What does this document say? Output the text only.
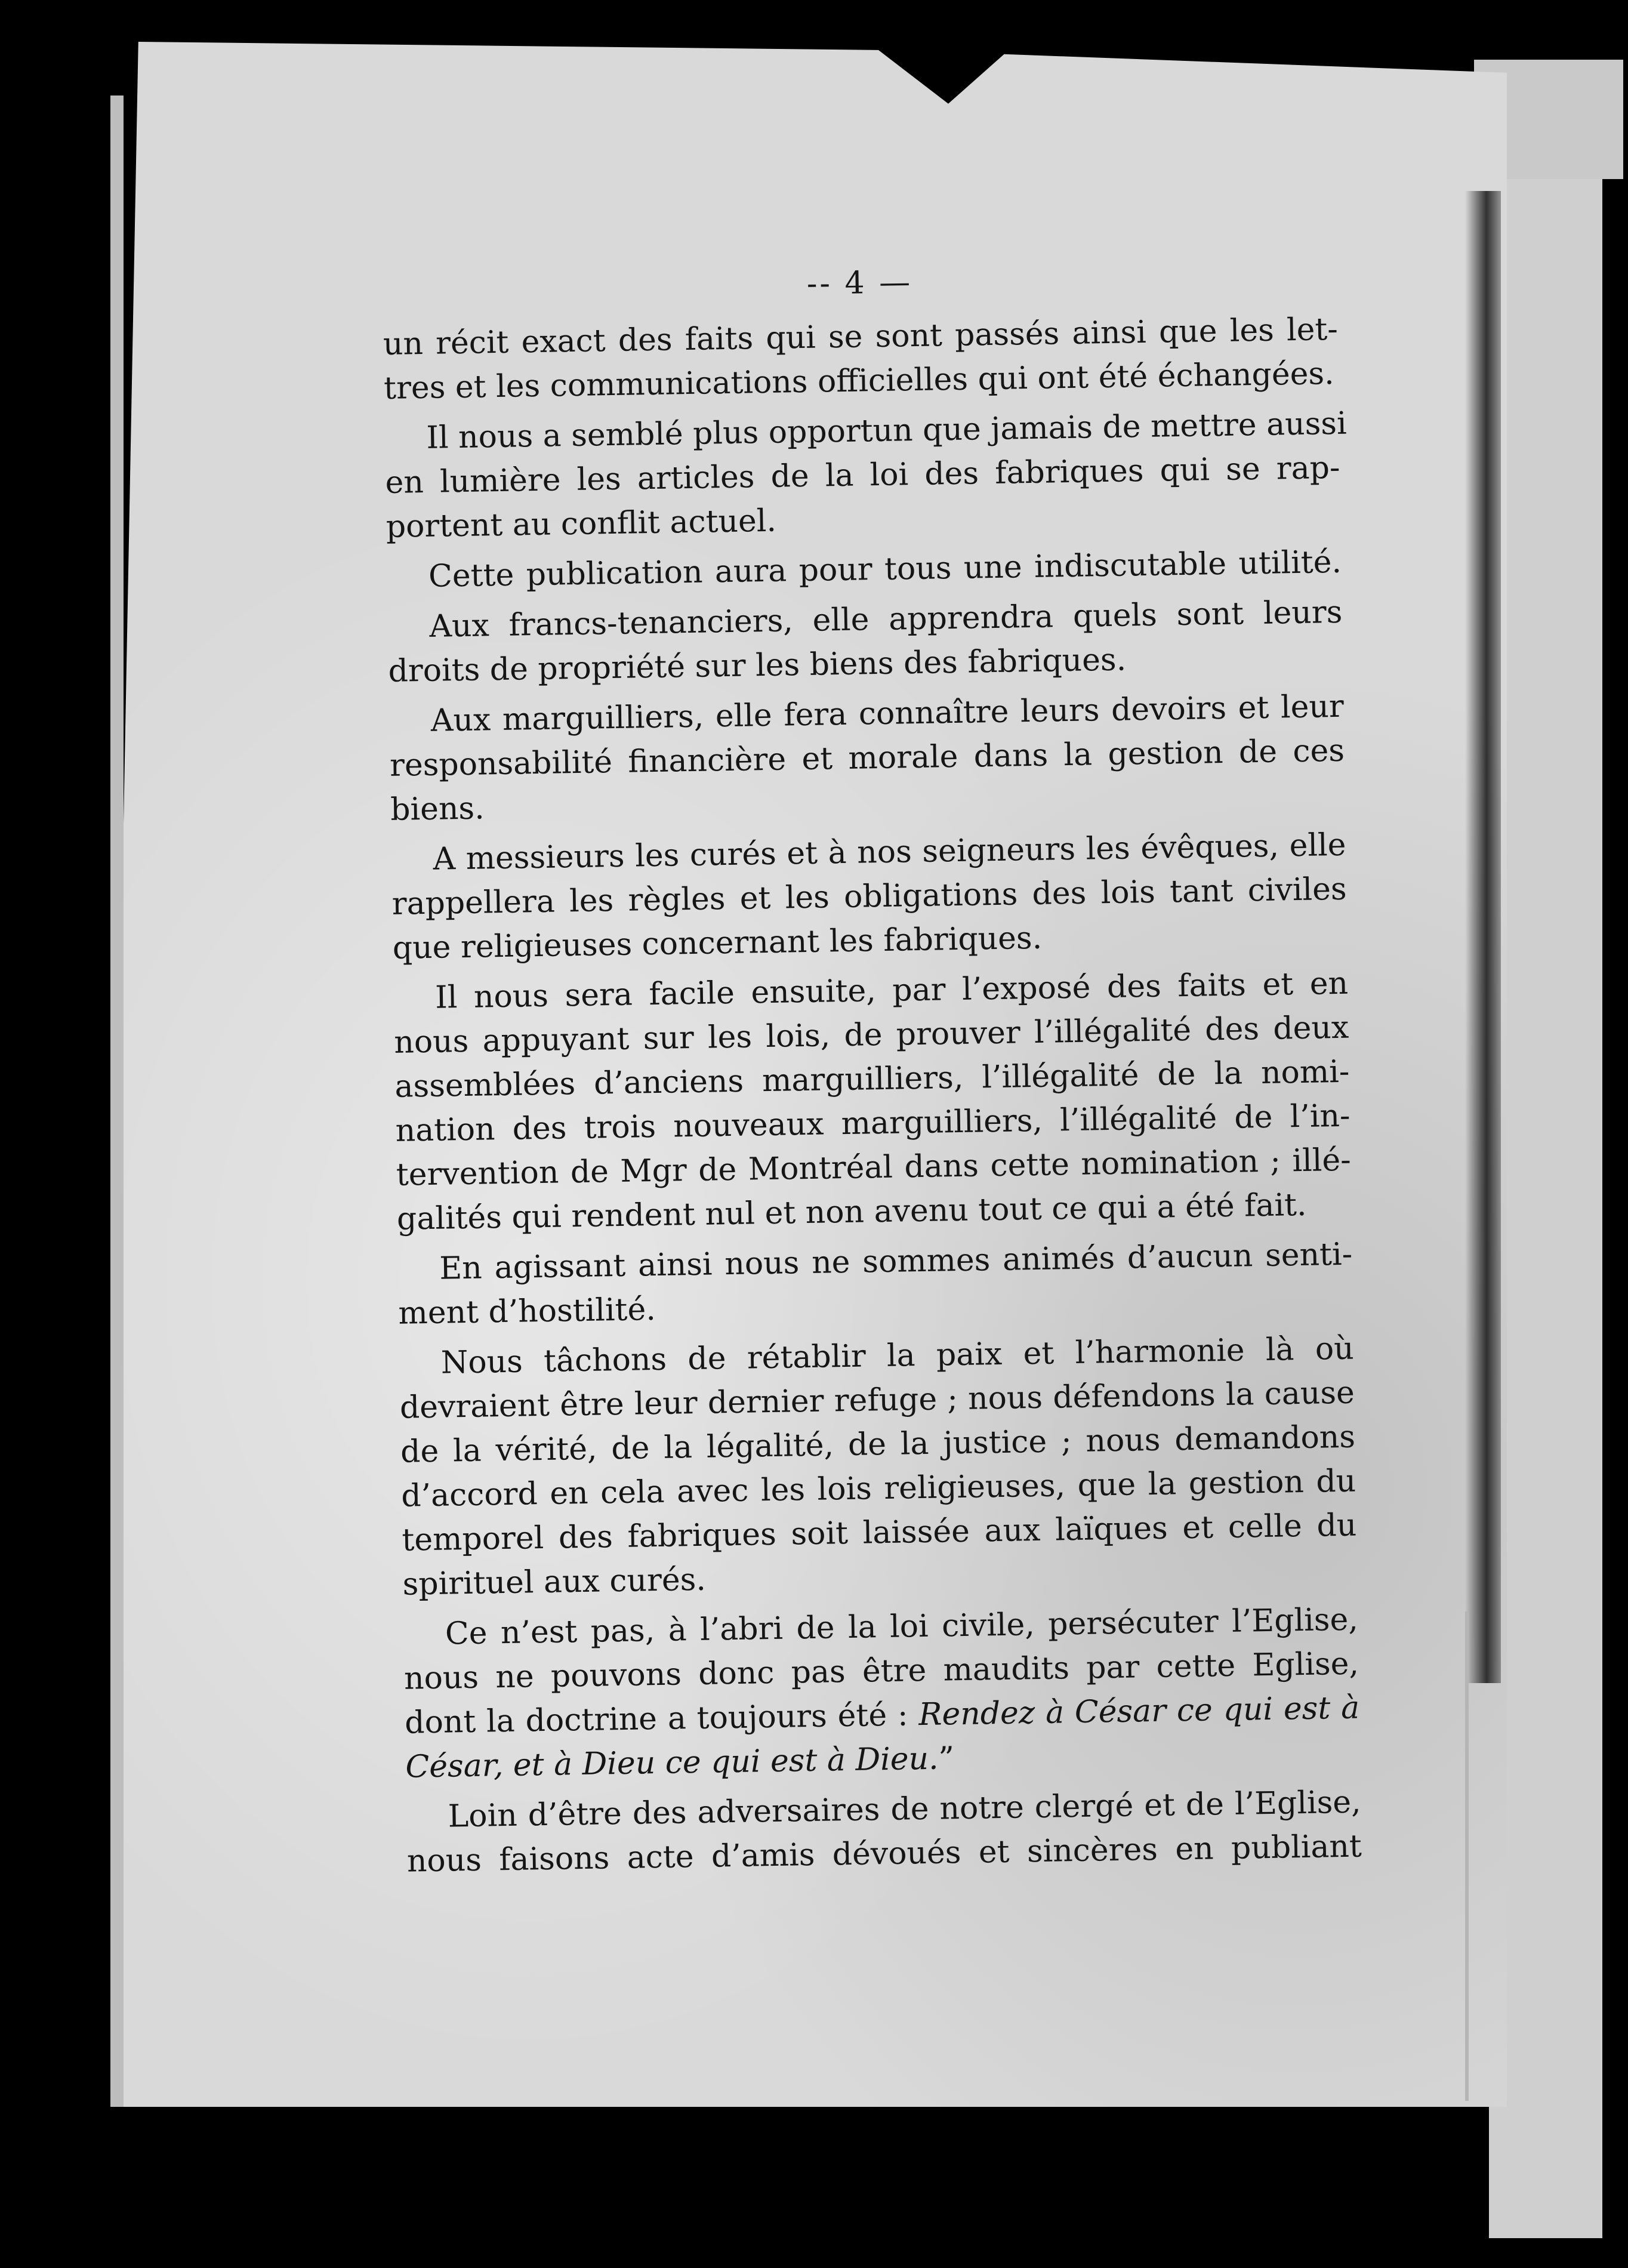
-- 4 —
un récit exact des faits qui se sont passés ainsi que les let-
tres et les communications officielles qui ont été échangées.
Il nous a semblé plus opportun que jamais de mettre aussi
en lumière les articles de la loi des fabriques qui se rap-
portent au conflit actuel.
Cette publication aura pour tous une indiscutable utilité.
Aux francs-tenanciers, elle apprendra quels sont leurs
droits de propriété sur les biens des fabriques.
Aux marguilliers, elle fera connaître leurs devoirs et leur
responsabilité financière et morale dans la gestion de ces
biens.
A messieurs les curés et à nos seigneurs les évêques, elle
rappellera les règles et les obligations des lois tant civiles
que religieuses concernant les fabriques.
Il nous sera facile ensuite, par l’exposé des faits et en
nous appuyant sur les lois, de prouver l’illégalité des deux
assemblées d’anciens marguilliers, l’illégalité de la nomi-
nation des trois nouveaux marguilliers, l’illégalité de l’in-
tervention de Mgr de Montréal dans cette nomination ; illé-
galités qui rendent nul et non avenu tout ce qui a été fait.
En agissant ainsi nous ne sommes animés d’aucun senti-
ment d’hostilité.
Nous tâchons de rétablir la paix et l’harmonie là où
devraient être leur dernier refuge ; nous défendons la cause
de la vérité, de la légalité, de la justice ; nous demandons
d’accord en cela avec les lois religieuses, que la gestion du
temporel des fabriques soit laissée aux laïques et celle du
spirituel aux curés.
Ce n’est pas, à l’abri de la loi civile, persécuter l’Eglise,
nous ne pouvons donc pas être maudits par cette Eglise,
dont la doctrine a toujours été : Rendez à César ce qui est à
César, et à Dieu ce qui est à Dieu.”
Loin d’être des adversaires de notre clergé et de l’Eglise,
nous faisons acte d’amis dévoués et sincères en publiant
